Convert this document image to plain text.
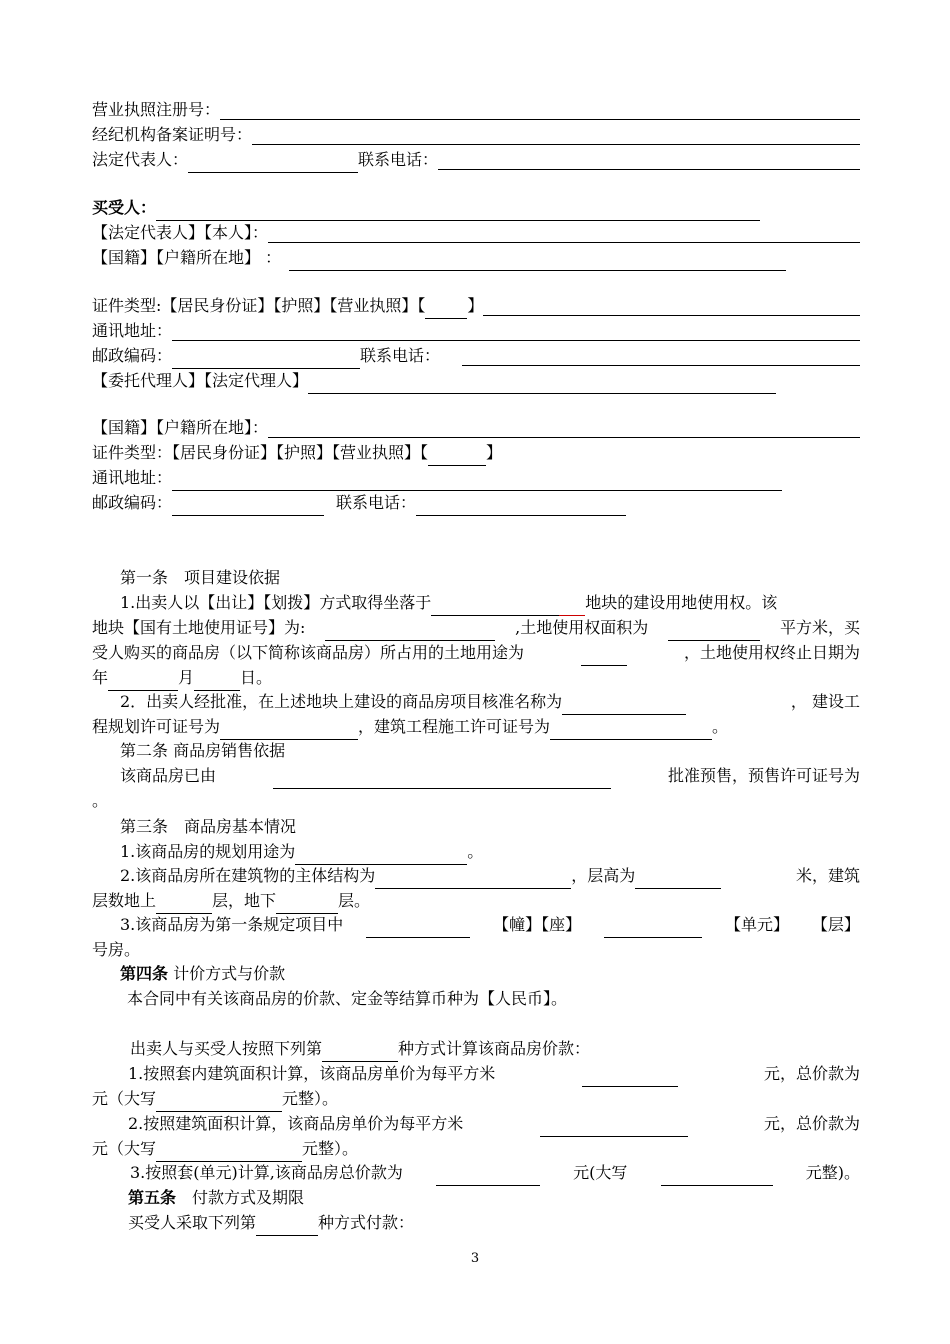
营业执照注册号：
经纪机构备案证明号：
法定代表人：	联系电话：
买受人：
【法定代表人】【本人】：
【国籍】【户籍所在地】 ：
证件类型:【居民身份证】【护照】【营业执照】【	】
通讯地址：
邮政编码：	联系电话：
【委托代理人】【法定代理人】
【国籍】【户籍所在地】：
证件类型：【居民身份证】【护照】【营业执照】【	】
通讯地址：
邮政编码：	联系电话：
第一条　项目建设依据
1.出卖人以【出让】【划拨】方式取得坐落于	地块的建设用地使用权。该
地块【国有土地使用证号】为:	,土地使用权面积为	平方米，买
受人购买的商品房（以下简称该商品房）所占用的土地用途为	，土地使用权终止日期为
年	月	日。
2．出卖人经批准，在上述地块上建设的商品房项目核准名称为	， 建设工
程规划许可证号为	，建筑工程施工许可证号为	。
第二条 商品房销售依据
该商品房已由	批准预售，预售许可证号为
。
第三条　商品房基本情况
1.该商品房的规划用途为	。
2.该商品房所在建筑物的主体结构为	，层高为	米，建筑
层数地上	层，地下	层。
3.该商品房为第一条规定项目中	【幢】【座】	【单元】 【层】
号房。
第四条 计价方式与价款
本合同中有关该商品房的价款、定金等结算币种为【人民币】。
出卖人与买受人按照下列第	种方式计算该商品房价款：
1.按照套内建筑面积计算，该商品房单价为每平方米	元，总价款为
元（大写	元整）。
2.按照建筑面积计算，该商品房单价为每平方米	元，总价款为
元（大写	元整）。
3.按照套(单元)计算,该商品房总价款为	元(大写	元整)。
第五条　付款方式及期限
买受人采取下列第	种方式付款：
3
